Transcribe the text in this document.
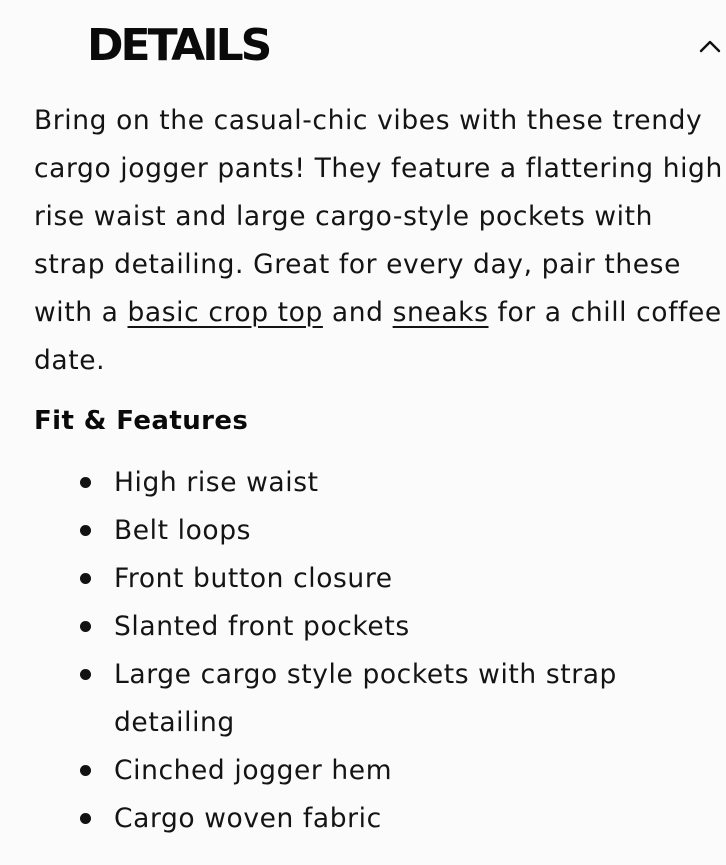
DETAILS

Bring on the casual-chic vibes with these trendy cargo jogger pants! They feature a flattering high rise waist and large cargo-style pockets with strap detailing. Great for every day, pair these with a basic crop top and sneaks for a chill coffee date.

Fit & Features
High rise waist
Belt loops
Front button closure
Slanted front pockets
Large cargo style pockets with strap detailing
Cinched jogger hem
Cargo woven fabric
